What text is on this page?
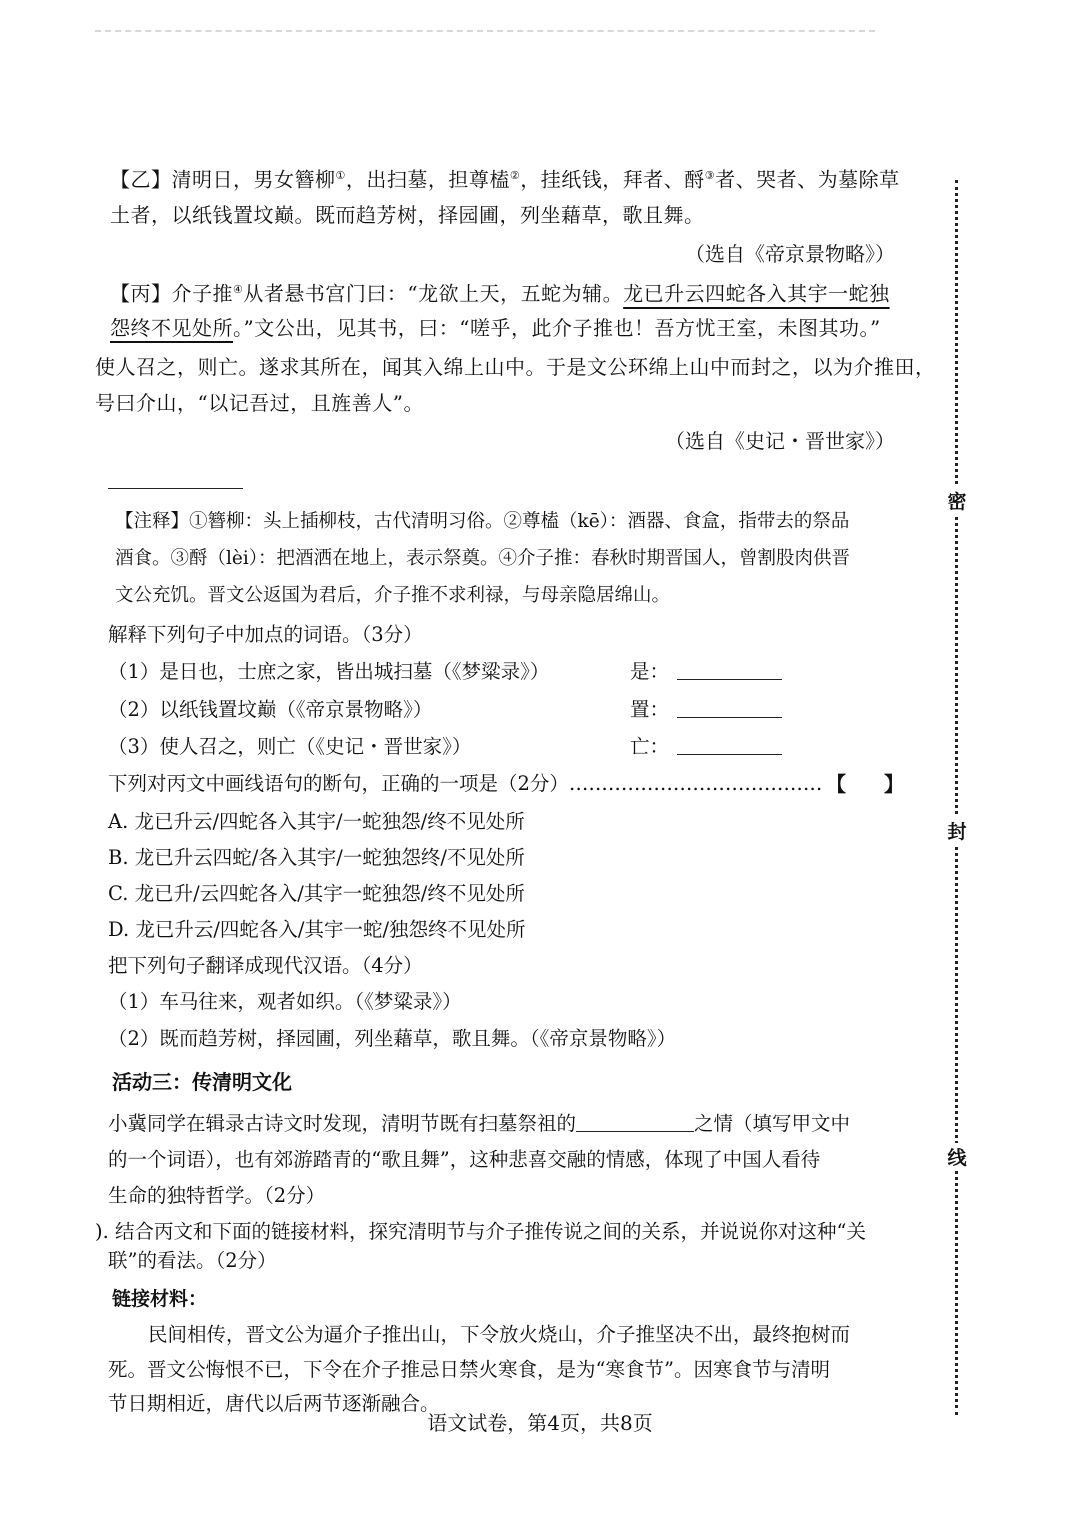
【乙】清明日，男女簪柳①，出扫墓，担尊榼②，挂纸钱，拜者、酹③者、哭者、为墓除草
土者，以纸钱置坟巅。既而趋芳树，择园圃，列坐藉草，歌且舞。
（选自《帝京景物略》）
【丙】介子推④从者悬书宫门曰：“龙欲上天，五蛇为辅。龙已升云四蛇各入其宇一蛇独
怨终不见处所。”文公出，见其书，曰：“嗟乎，此介子推也！吾方忧王室，未图其功。”
使人召之，则亡。遂求其所在，闻其入绵上山中。于是文公环绵上山中而封之，以为介推田，
号曰介山，“以记吾过，且旌善人”。
（选自《史记・晋世家》）
【注释】①簪柳：头上插柳枝，古代清明习俗。②尊榼（kē）：酒器、食盒，指带去的祭品
酒食。③酹（lèi）：把酒洒在地上，表示祭奠。④介子推：春秋时期晋国人，曾割股肉供晋
文公充饥。晋文公返国为君后，介子推不求利禄，与母亲隐居绵山。
解释下列句子中加点的词语。（3分）
（1）是日也，士庶之家，皆出城扫墓（《梦粱录》）	是：
（2）以纸钱置坟巅（《帝京景物略》）	置：
（3）使人召之，则亡（《史记・晋世家》）	亡：
下列对丙文中画线语句的断句，正确的一项是（2分）………………………………… 【 】
A. 龙已升云/四蛇各入其宇/一蛇独怨/终不见处所
B. 龙已升云四蛇/各入其宇/一蛇独怨终/不见处所
C. 龙已升/云四蛇各入/其宇一蛇独怨/终不见处所
D. 龙已升云/四蛇各入/其宇一蛇/独怨终不见处所
把下列句子翻译成现代汉语。（4分）
（1）车马往来，观者如织。（《梦粱录》）
（2）既而趋芳树，择园圃，列坐藉草，歌且舞。（《帝京景物略》）
活动三：传清明文化
小冀同学在辑录古诗文时发现，清明节既有扫墓祭祖的	之情（填写甲文中
的一个词语），也有郊游踏青的“歌且舞”，这种悲喜交融的情感，体现了中国人看待
生命的独特哲学。（2分）
). 结合丙文和下面的链接材料，探究清明节与介子推传说之间的关系，并说说你对这种“关
联”的看法。（2分）
链接材料：
民间相传，晋文公为逼介子推出山，下令放火烧山，介子推坚决不出，最终抱树而
死。晋文公悔恨不已，下令在介子推忌日禁火寒食，是为“寒食节”。因寒食节与清明
节日期相近，唐代以后两节逐渐融合。
语文试卷，第4页，共8页
密
封
线
